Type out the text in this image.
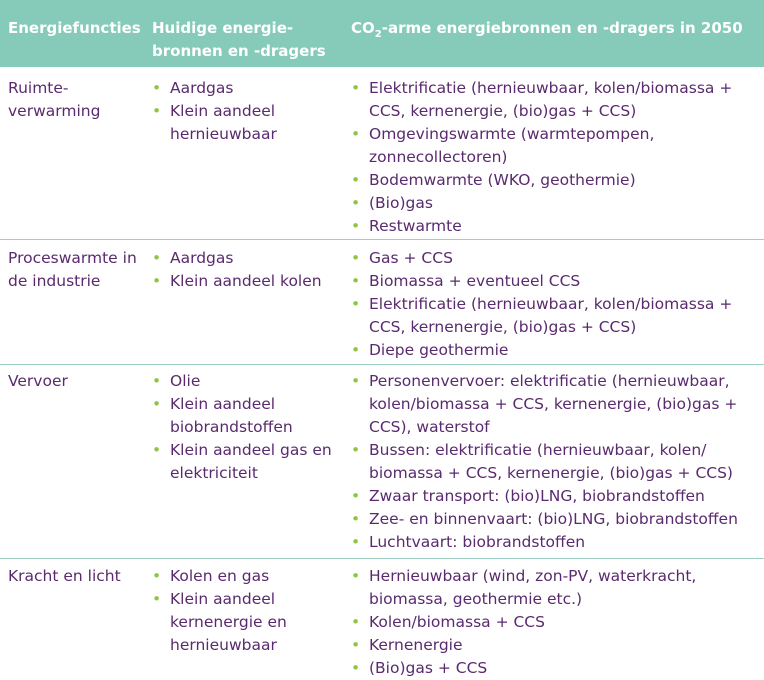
Energiefuncties Huidige energie-bronnen en -dragers
$CO_2$-arme energiebronnen en -dragers in 2050
Ruimte-verwarming
• Aardgas
• Klein aandeel hernieuwbaar
• Elektrificatie (hernieuwbaar, kolen/biomassa + CCS, kernenergie, (bio)gas + CCS)
• Omgevingswarmte (warmtepompen, zonnecollectoren)
• Bodemwarmte (WKO, geothermie)
• (Bio)gas
• Restwarmte
Proceswarmte in de industrie
• Aardgas
• Klein aandeel kolen
• Gas + CCS
• Biomassa + eventueel CCS
• Elektrificatie (hernieuwbaar, kolen/biomassa + CCS, kernenergie, (bio)gas + CCS)
• Diepe geothermie
Vervoer	• Olie
• Klein aandeel biobrandstoffen
• Klein aandeel gas en elektriciteit
• Personenvervoer: elektrificatie (hernieuwbaar, kolen/biomassa + CCS, kernenergie, (bio)gas + CCS), waterstof
• Bussen: elektrificatie (hernieuwbaar, kolen/ biomassa + CCS, kernenergie, (bio)gas + CCS)
• Zwaar transport: (bio)LNG, biobrandstoffen
• Zee- en binnenvaart: (bio)LNG, biobrandstoffen
• Luchtvaart: biobrandstoffen
Kracht en licht	• Kolen en gas
• Klein aandeel kernenergie en hernieuwbaar
• Hernieuwbaar (wind, zon-PV, waterkracht, biomassa, geothermie etc.)
• Kolen/biomassa + CCS
• Kernenergie
• (Bio)gas + CCS
